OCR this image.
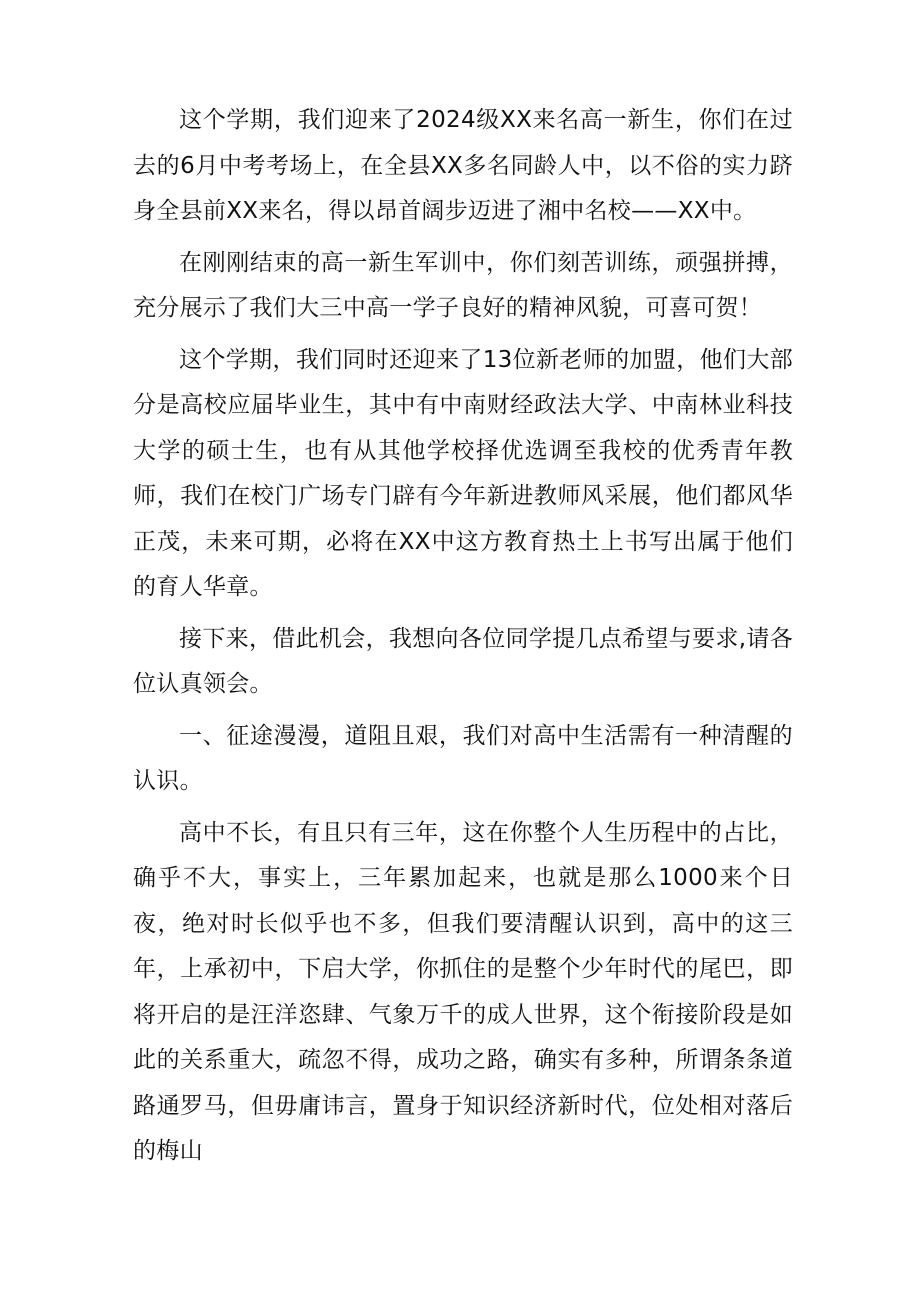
这个学期，我们迎来了2024级XX来名高一新生，你们在过去的6月中考考场上，在全县XX多名同龄人中，以不俗的实力跻身全县前XX来名，得以昂首阔步迈进了湘中名校——XX中。

在刚刚结束的高一新生军训中，你们刻苦训练，顽强拼搏，充分展示了我们大三中高一学子良好的精神风貌，可喜可贺！

这个学期，我们同时还迎来了13位新老师的加盟，他们大部分是高校应届毕业生，其中有中南财经政法大学、中南林业科技大学的硕士生，也有从其他学校择优选调至我校的优秀青年教师，我们在校门广场专门辟有今年新进教师风采展，他们都风华正茂，未来可期，必将在XX中这方教育热土上书写出属于他们的育人华章。

接下来，借此机会，我想向各位同学提几点希望与要求,请各位认真领会。

一、征途漫漫，道阻且艰，我们对高中生活需有一种清醒的认识。

高中不长，有且只有三年，这在你整个人生历程中的占比，确乎不大，事实上，三年累加起来，也就是那么1000来个日夜，绝对时长似乎也不多，但我们要清醒认识到，高中的这三年，上承初中，下启大学，你抓住的是整个少年时代的尾巴，即将开启的是汪洋恣肆、气象万千的成人世界，这个衔接阶段是如此的关系重大，疏忽不得，成功之路，确实有多种，所谓条条道路通罗马，但毋庸讳言，置身于知识经济新时代，位处相对落后的梅山
